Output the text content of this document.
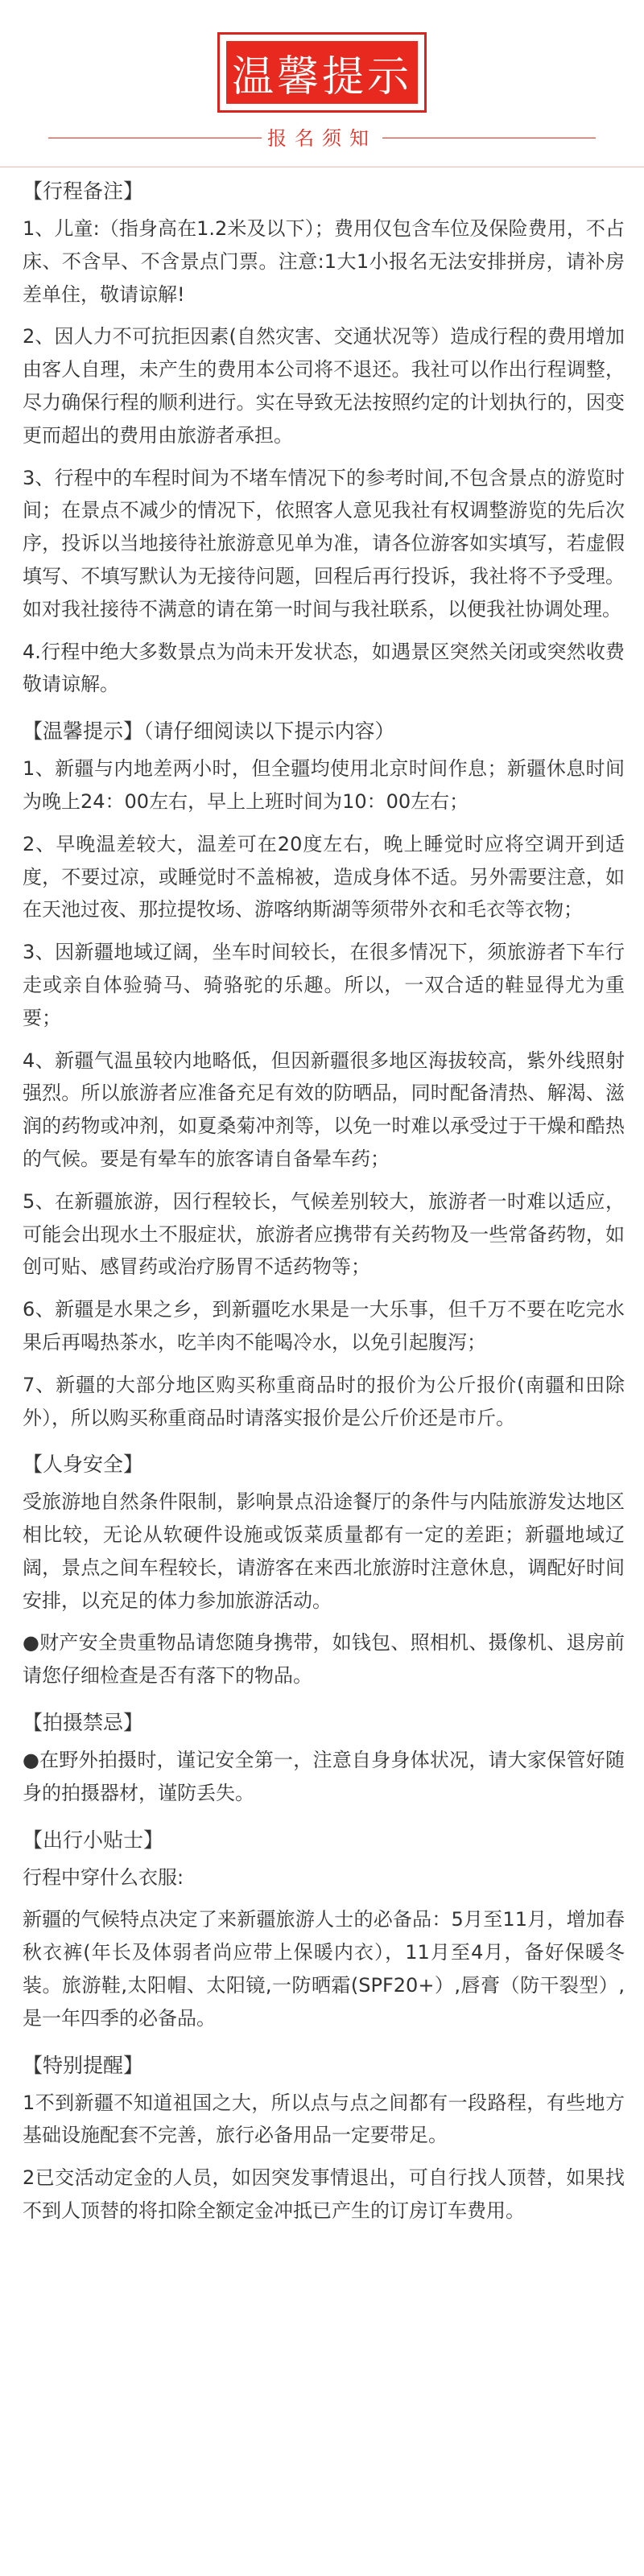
温馨提示
报名须知
【行程备注】
1、儿童:（指身高在1.2米及以下）；费用仅包含车位及保险费用，不占床、不含早、不含景点门票。注意:1大1小报名无法安排拼房，请补房差单住，敬请谅解!
2、因人力不可抗拒因素(自然灾害、交通状况等）造成行程的费用增加由客人自理，未产生的费用本公司将不退还。我社可以作出行程调整，尽力确保行程的顺利进行。实在导致无法按照约定的计划执行的，因变更而超出的费用由旅游者承担。
3、行程中的车程时间为不堵车情况下的参考时间,不包含景点的游览时间；在景点不减少的情况下，依照客人意见我社有权调整游览的先后次序，投诉以当地接待社旅游意见单为准，请各位游客如实填写，若虚假填写、不填写默认为无接待问题，回程后再行投诉，我社将不予受理。如对我社接待不满意的请在第一时间与我社联系，以便我社协调处理。
4.行程中绝大多数景点为尚未开发状态，如遇景区突然关闭或突然收费敬请谅解。
【温馨提示】（请仔细阅读以下提示内容）
1、新疆与内地差两小时，但全疆均使用北京时间作息；新疆休息时间为晚上24：00左右，早上上班时间为10：00左右；
2、早晚温差较大，温差可在20度左右，晚上睡觉时应将空调开到适度，不要过凉，或睡觉时不盖棉被，造成身体不适。另外需要注意，如在天池过夜、那拉提牧场、游喀纳斯湖等须带外衣和毛衣等衣物；
3、因新疆地域辽阔，坐车时间较长，在很多情况下，须旅游者下车行走或亲自体验骑马、骑骆驼的乐趣。所以，一双合适的鞋显得尤为重要；
4、新疆气温虽较内地略低，但因新疆很多地区海拔较高，紫外线照射强烈。所以旅游者应准备充足有效的防晒品，同时配备清热、解渴、滋润的药物或冲剂，如夏桑菊冲剂等，以免一时难以承受过于干燥和酷热的气候。要是有晕车的旅客请自备晕车药；
5、在新疆旅游，因行程较长，气候差别较大，旅游者一时难以适应，可能会出现水土不服症状，旅游者应携带有关药物及一些常备药物，如创可贴、感冒药或治疗肠胃不适药物等；
6、新疆是水果之乡，到新疆吃水果是一大乐事，但千万不要在吃完水果后再喝热茶水，吃羊肉不能喝冷水，以免引起腹泻；
7、新疆的大部分地区购买称重商品时的报价为公斤报价(南疆和田除外），所以购买称重商品时请落实报价是公斤价还是市斤。
【人身安全】
受旅游地自然条件限制，影响景点沿途餐厅的条件与内陆旅游发达地区相比较，无论从软硬件设施或饭菜质量都有一定的差距；新疆地域辽阔，景点之间车程较长，请游客在来西北旅游时注意休息，调配好时间安排，以充足的体力参加旅游活动。
●财产安全贵重物品请您随身携带，如钱包、照相机、摄像机、退房前请您仔细检查是否有落下的物品。
【拍摄禁忌】
●在野外拍摄时，谨记安全第一，注意自身身体状况，请大家保管好随身的拍摄器材，谨防丢失。
【出行小贴士】
行程中穿什么衣服:
新疆的气候特点决定了来新疆旅游人士的必备品：5月至11月，增加春秋衣裤(年长及体弱者尚应带上保暖内衣），11月至4月，备好保暖冬装。旅游鞋,太阳帽、太阳镜,一防晒霜(SPF20+）,唇膏（防干裂型）,是一年四季的必备品。
【特别提醒】
1不到新疆不知道祖国之大，所以点与点之间都有一段路程，有些地方基础设施配套不完善，旅行必备用品一定要带足。
2已交活动定金的人员，如因突发事情退出，可自行找人顶替，如果找不到人顶替的将扣除全额定金冲抵已产生的订房订车费用。
